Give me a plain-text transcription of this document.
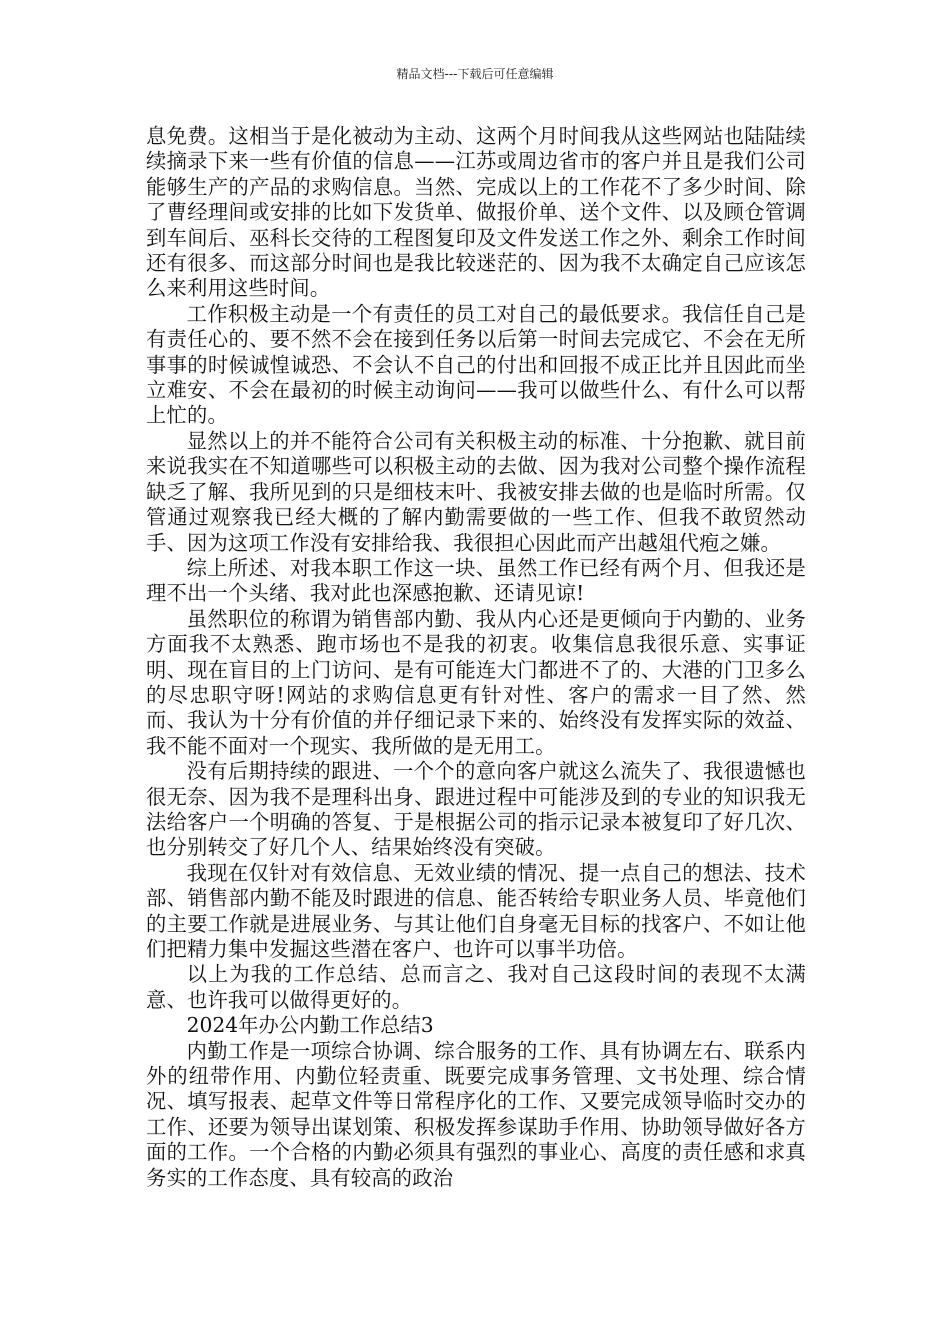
精品文档---下载后可任意编辑

息免费。这相当于是化被动为主动、这两个月时间我从这些网站也陆陆续续摘录下来一些有价值的信息——江苏或周边省市的客户并且是我们公司能够生产的产品的求购信息。当然、完成以上的工作花不了多少时间、除了曹经理间或安排的比如下发货单、做报价单、送个文件、以及顾仓管调到车间后、巫科长交待的工程图复印及文件发送工作之外、剩余工作时间还有很多、而这部分时间也是我比较迷茫的、因为我不太确定自己应该怎么来利用这些时间。

工作积极主动是一个有责任的员工对自己的最低要求。我信任自己是有责任心的、要不然不会在接到任务以后第一时间去完成它、不会在无所事事的时候诚惶诚恐、不会认不自己的付出和回报不成正比并且因此而坐立难安、不会在最初的时候主动询问——我可以做些什么、有什么可以帮上忙的。

显然以上的并不能符合公司有关积极主动的标准、十分抱歉、就目前来说我实在不知道哪些可以积极主动的去做、因为我对公司整个操作流程缺乏了解、我所见到的只是细枝末叶、我被安排去做的也是临时所需。仅管通过观察我已经大概的了解内勤需要做的一些工作、但我不敢贸然动手、因为这项工作没有安排给我、我很担心因此而产出越俎代疱之嫌。

综上所述、对我本职工作这一块、虽然工作已经有两个月、但我还是理不出一个头绪、我对此也深感抱歉、还请见谅!

虽然职位的称谓为销售部内勤、我从内心还是更倾向于内勤的、业务方面我不太熟悉、跑市场也不是我的初衷。收集信息我很乐意、实事证明、现在盲目的上门访问、是有可能连大门都进不了的、大港的门卫多么的尽忠职守呀!网站的求购信息更有针对性、客户的需求一目了然、然而、我认为十分有价值的并仔细记录下来的、始终没有发挥实际的效益、我不能不面对一个现实、我所做的是无用工。

没有后期持续的跟进、一个个的意向客户就这么流失了、我很遗憾也很无奈、因为我不是理科出身、跟进过程中可能涉及到的专业的知识我无法给客户一个明确的答复、于是根据公司的指示记录本被复印了好几次、也分别转交了好几个人、结果始终没有突破。

我现在仅针对有效信息、无效业绩的情况、提一点自己的想法、技术部、销售部内勤不能及时跟进的信息、能否转给专职业务人员、毕竟他们的主要工作就是进展业务、与其让他们自身毫无目标的找客户、不如让他们把精力集中发掘这些潜在客户、也许可以事半功倍。

以上为我的工作总结、总而言之、我对自己这段时间的表现不太满意、也许我可以做得更好的。

2024年办公内勤工作总结3

内勤工作是一项综合协调、综合服务的工作、具有协调左右、联系内外的纽带作用、内勤位轻责重、既要完成事务管理、文书处理、综合情况、填写报表、起草文件等日常程序化的工作、又要完成领导临时交办的工作、还要为领导出谋划策、积极发挥参谋助手作用、协助领导做好各方面的工作。一个合格的内勤必须具有强烈的事业心、高度的责任感和求真务实的工作态度、具有较高的政治
